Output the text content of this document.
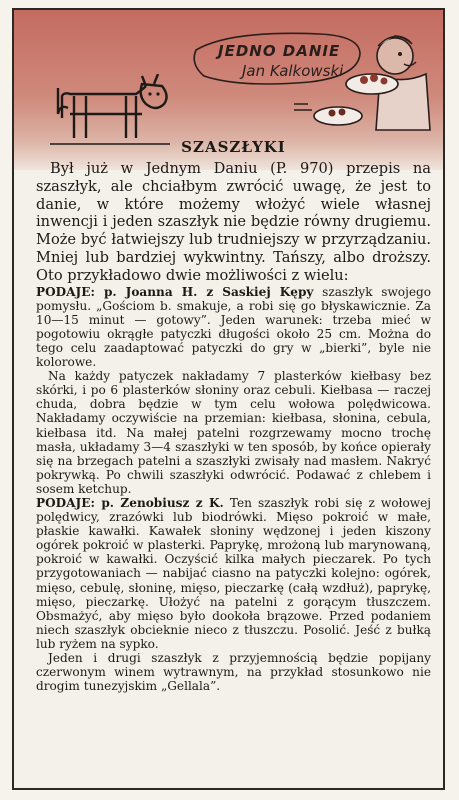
JEDNO DANIE
Jan Kalkowski
SZASZŁYKI

Był już w Jednym Daniu (P. 970) przepis na szaszłyk, ale chciałbym zwrócić uwagę, że jest to danie, w które możemy włożyć wiele własnej inwencji i jeden szaszłyk nie będzie równy drugiemu. Może być łatwiejszy lub trudniejszy w przyrządzaniu. Mniej lub bardziej wykwintny. Tańszy, albo droższy. Oto przykładowo dwie możliwości z wielu:

PODAJE: p. Joanna H. z Saskiej Kępy szaszłyk swojego pomysłu. „Gościom b. smakuje, a robi się go błyskawicznie. Za 10—15 minut — gotowy”. Jeden warunek: trzeba mieć w pogotowiu okrągłe patyczki długości około 25 cm. Można do tego celu zaadaptować patyczki do gry w „bierki”, byle nie kolorowe.

Na każdy patyczek nakładamy 7 plasterków kiełbasy bez skórki, i po 6 plasterków słoniny oraz cebuli. Kiełbasa — raczej chuda, dobra będzie w tym celu wołowa polędwicowa. Nakładamy oczywiście na przemian: kiełbasa, słonina, cebula, kiełbasa itd. Na małej patelni rozgrzewamy mocno trochę masła, układamy 3—4 szaszłyki w ten sposób, by końce opierały się na brzegach patelni a szaszłyki zwisały nad masłem. Nakryć pokrywką. Po chwili szaszłyki odwrócić. Podawać z chlebem i sosem ketchup.

PODAJE: p. Zenobiusz z K. Ten szaszłyk robi się z wołowej polędwicy, zrazówki lub biodrówki. Mięso pokroić w małe, płaskie kawałki. Kawałek słoniny wędzonej i jeden kiszony ogórek pokroić w plasterki. Paprykę, mrożoną lub marynowaną, pokroić w kawałki. Oczyścić kilka małych pieczarek. Po tych przygotowaniach — nabijać ciasno na patyczki kolejno: ogórek, mięso, cebulę, słoninę, mięso, pieczarkę (całą wzdłuż), paprykę, mięso, pieczarkę. Ułożyć na patelni z gorącym tłuszczem. Obsmażyć, aby mięso było dookoła brązowe. Przed podaniem niech szaszłyk obcieknie nieco z tłuszczu. Posolić. Jeść z bułką lub ryżem na sypko.

Jeden i drugi szaszłyk z przyjemnością będzie popijany czerwonym winem wytrawnym, na przykład stosunkowo nie drogim tunezyjskim „Gellala”.
